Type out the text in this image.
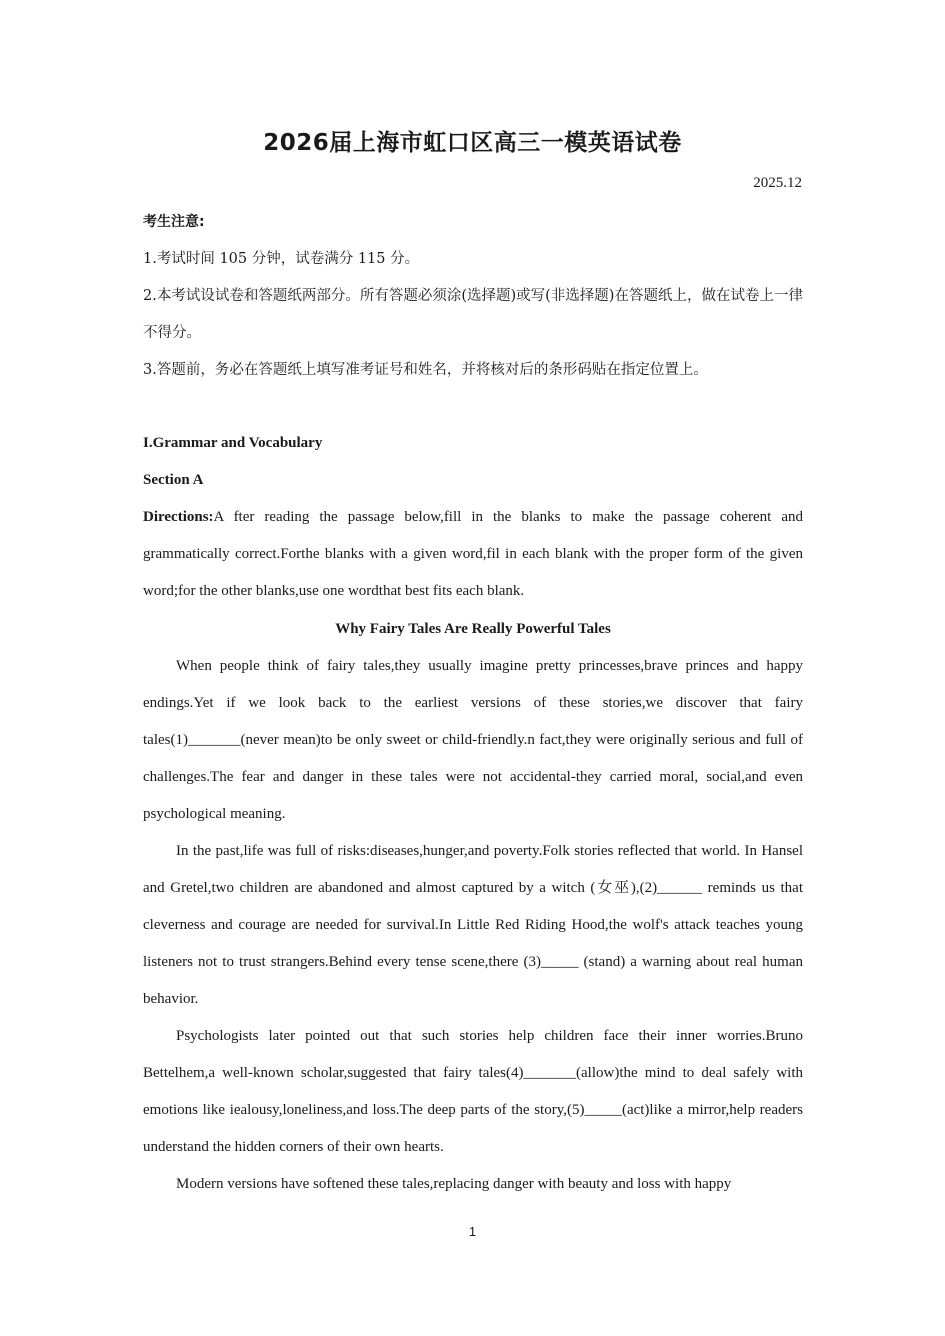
2026届上海市虹口区高三一模英语试卷
2025.12
考生注意:

1.考试时间 105 分钟，试卷满分 115 分。

2.本考试设试卷和答题纸两部分。所有答题必须涂(选择题)或写(非选择题)在答题纸上，做在试卷上一律不得分。

3.答题前，务必在答题纸上填写准考证号和姓名，并将核对后的条形码贴在指定位置上。

I.Grammar and Vocabulary

Section A

Directions:A fter reading the passage below,fill in the blanks to make the passage coherent and grammatically correct.Forthe blanks with a given word,fil in each blank with the proper form of the given word;for the other blanks,use one wordthat best fits each blank.

Why Fairy Tales Are Really Powerful Tales

When people think of fairy tales,they usually imagine pretty princesses,brave princes and happy endings.Yet if we look back to the earliest versions of these stories,we discover that fairy tales(1)_______(never mean)to be only sweet or child-friendly.n fact,they were originally serious and full of challenges.The fear and danger in these tales were not accidental-they carried moral, social,and even psychological meaning.

In the past,life was full of risks:diseases,hunger,and poverty.Folk stories reflected that world. In Hansel and Gretel,two children are abandoned and almost captured by a witch (女巫),(2)______ reminds us that cleverness and courage are needed for survival.In Little Red Riding Hood,the wolf's attack teaches young listeners not to trust strangers.Behind every tense scene,there (3)_____ (stand) a warning about real human behavior.

Psychologists later pointed out that such stories help children face their inner worries.Bruno Bettelhem,a well-known scholar,suggested that fairy tales(4)_______(allow)the mind to deal safely with emotions like iealousy,loneliness,and loss.The deep parts of the story,(5)_____(act)like a mirror,help readers understand the hidden corners of their own hearts.

Modern versions have softened these tales,replacing danger with beauty and loss with happy

1
